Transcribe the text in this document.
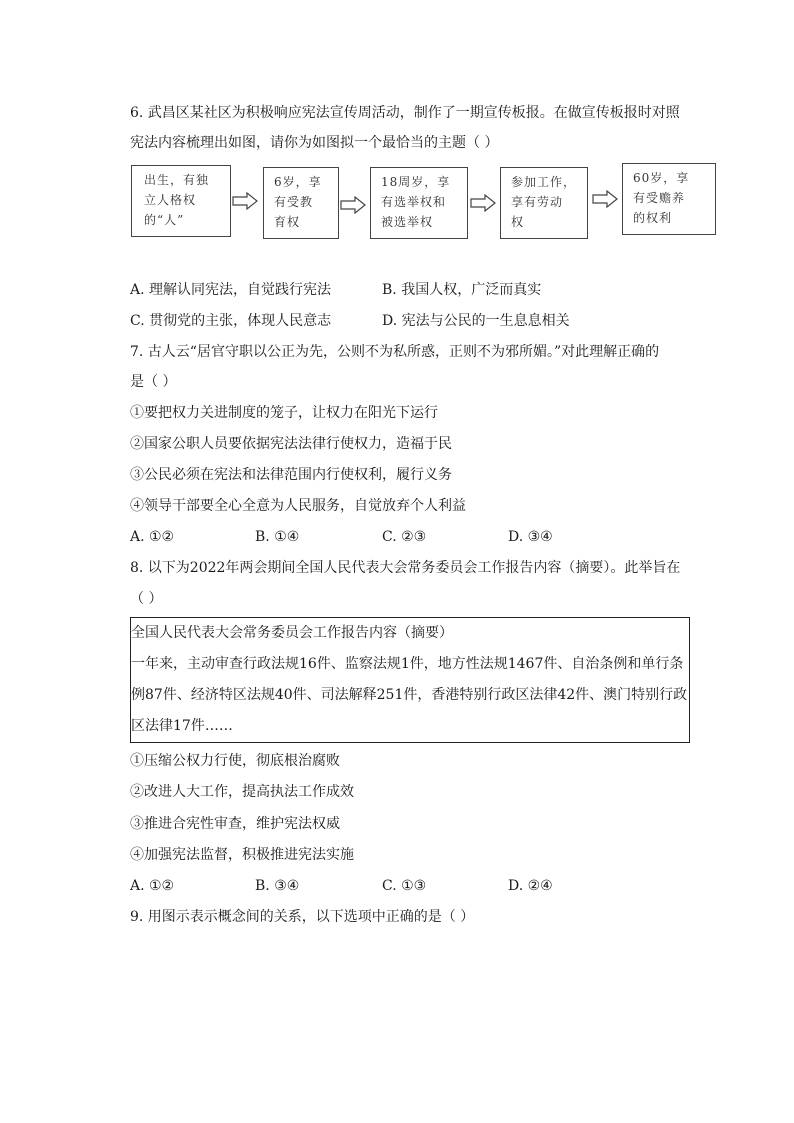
6. 武昌区某社区为积极响应宪法宣传周活动，制作了一期宣传板报。在做宣传板报时对照
宪法内容梳理出如图，请你为如图拟一个最恰当的主题（ ）
出生，有独
立人格权
的“人”
6岁，享
有受教
育权
18周岁，享
有选举权和
被选举权
参加工作，
享有劳动
权
60岁，享
有受赡养
的权利
A. 理解认同宪法，自觉践行宪法	B. 我国人权，广泛而真实
C. 贯彻党的主张，体现人民意志	D. 宪法与公民的一生息息相关
7. 古人云“居官守职以公正为先，公则不为私所惑，正则不为邪所媚。”对此理解正确的
是（ ）
①要把权力关进制度的笼子，让权力在阳光下运行
②国家公职人员要依据宪法法律行使权力，造福于民
③公民必须在宪法和法律范围内行使权利，履行义务
④领导干部要全心全意为人民服务，自觉放弃个人利益
A. ①②	B. ①④	C. ②③	D. ③④
8. 以下为2022年两会期间全国人民代表大会常务委员会工作报告内容（摘要）。此举旨在
（ ）
全国人民代表大会常务委员会工作报告内容（摘要）
一年来，主动审查行政法规16件、监察法规1件，地方性法规1467件、自治条例和单行条
例87件、经济特区法规40件、司法解释251件，香港特别行政区法律42件、澳门特别行政
区法律17件……
①压缩公权力行使，彻底根治腐败
②改进人大工作，提高执法工作成效
③推进合宪性审查，维护宪法权威
④加强宪法监督，积极推进宪法实施
A. ①②	B. ③④	C. ①③	D. ②④
9. 用图示表示概念间的关系，以下选项中正确的是（ ）
